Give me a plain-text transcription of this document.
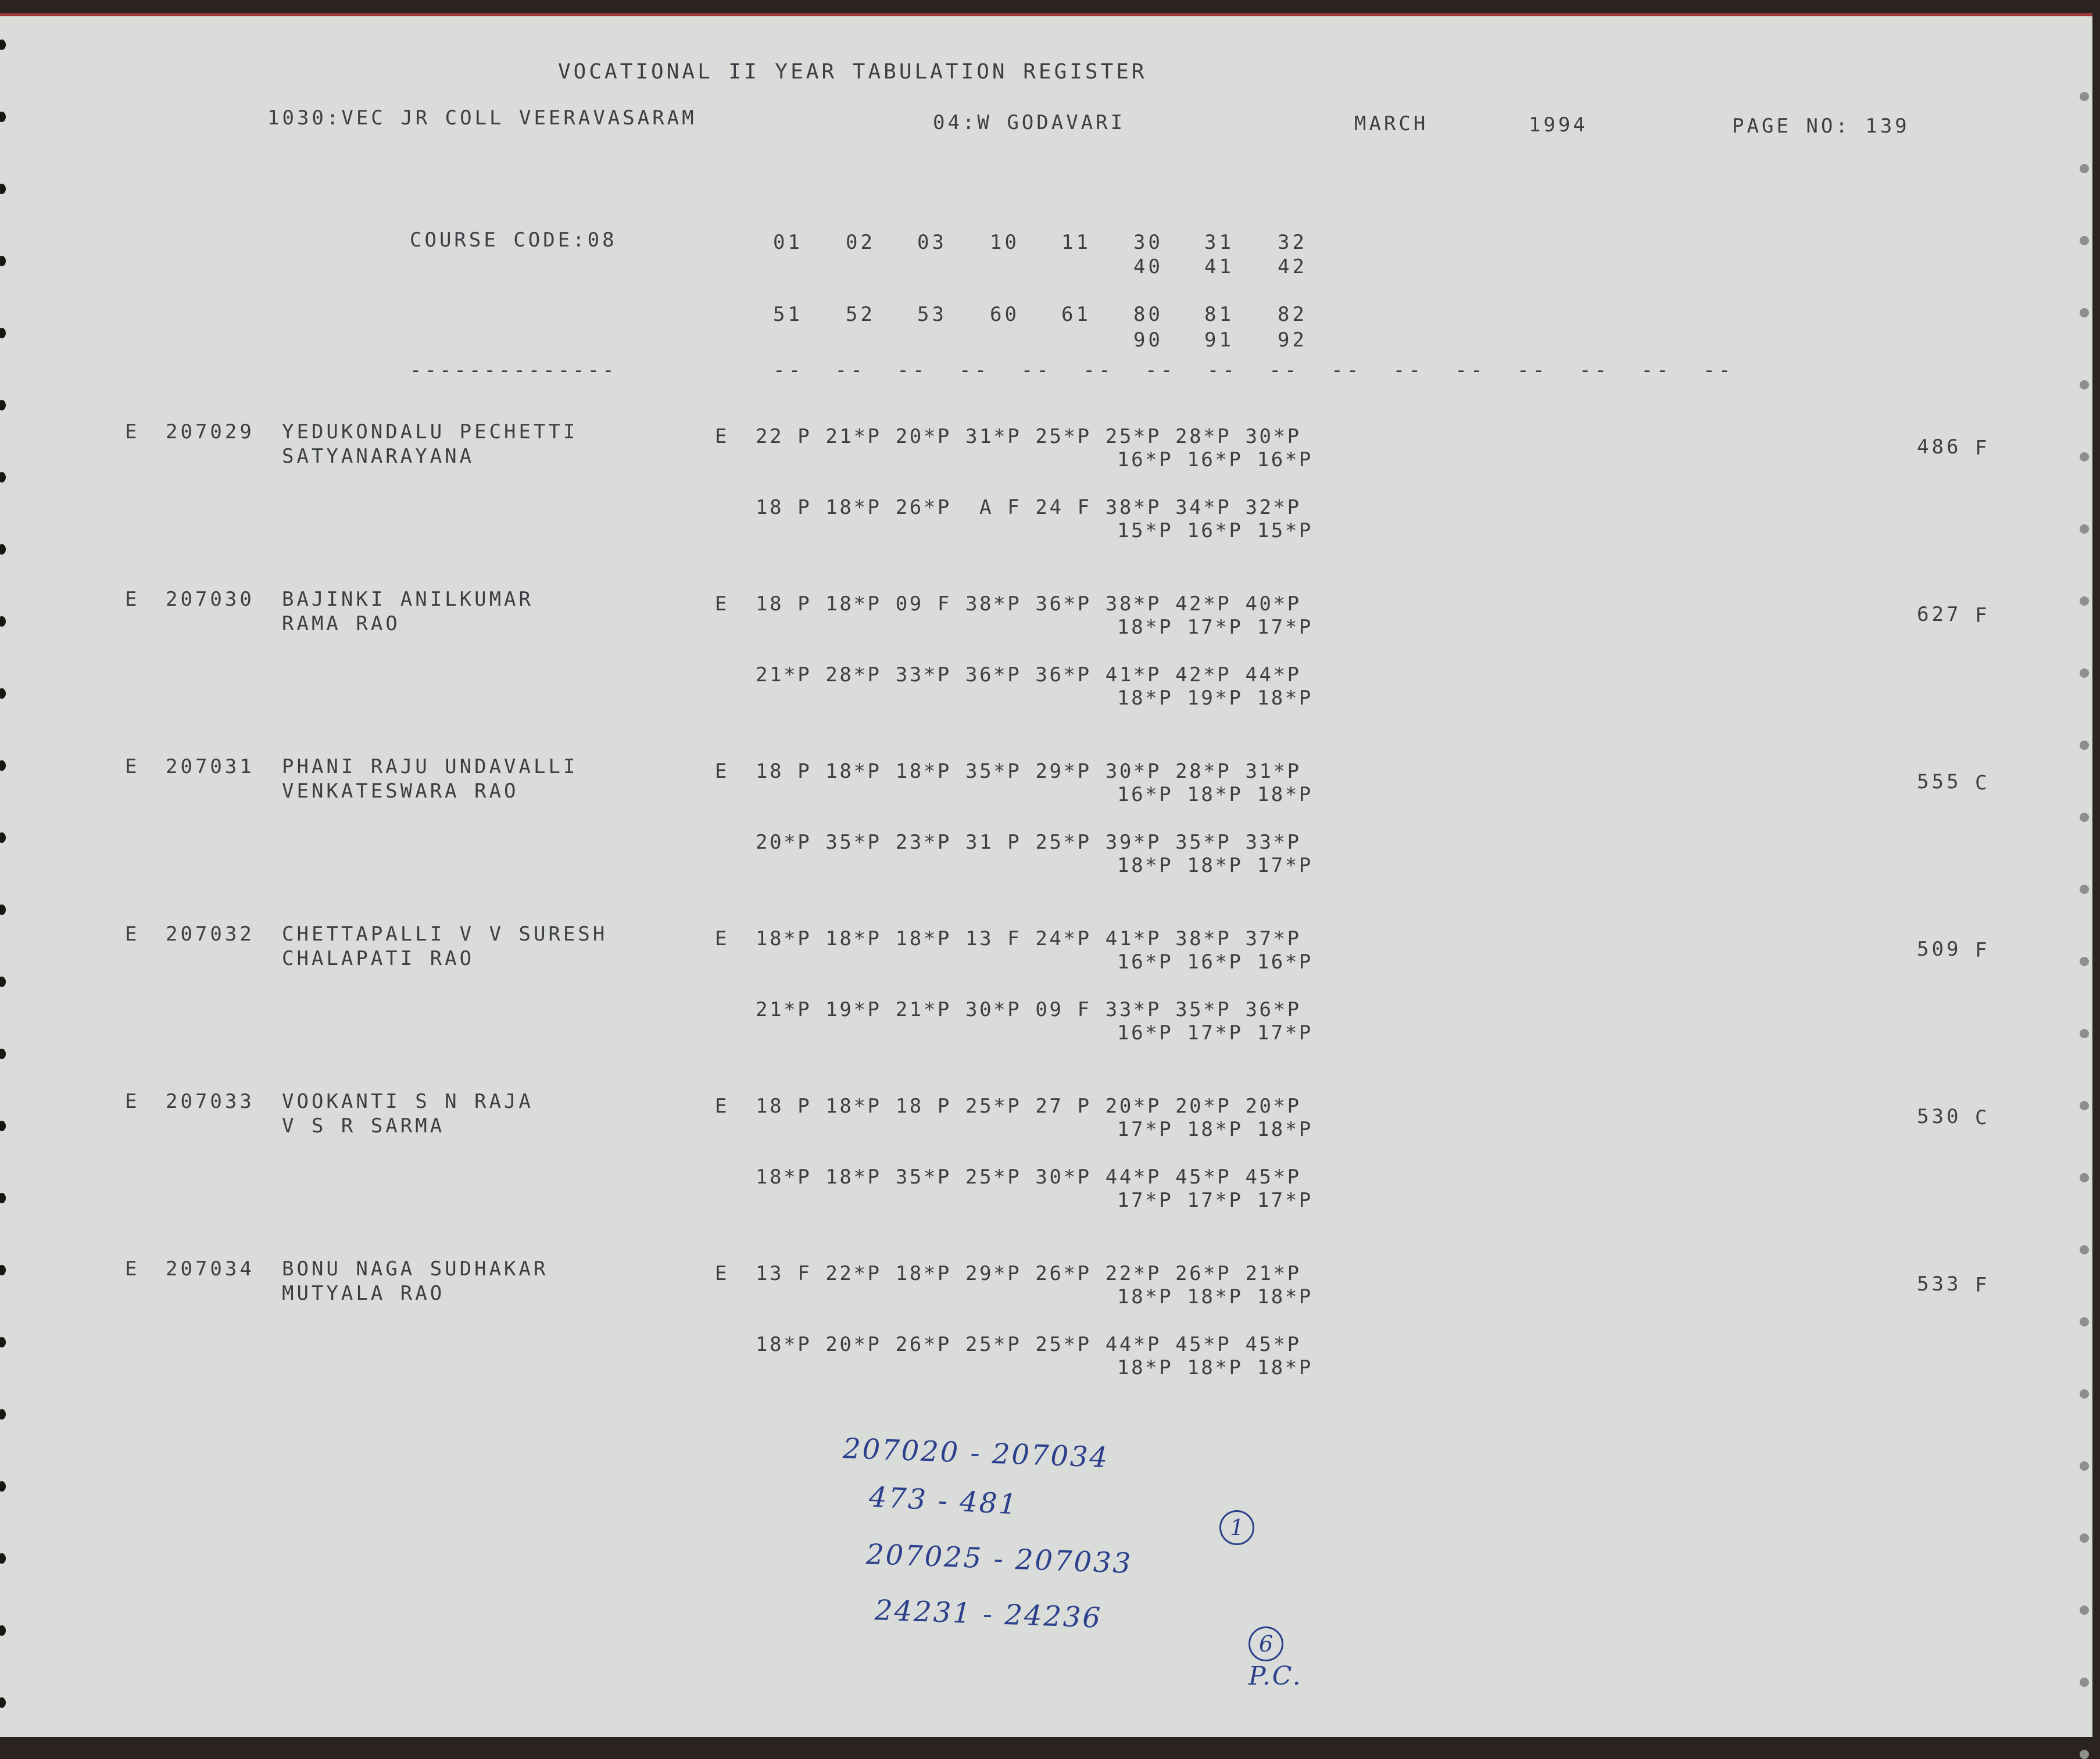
VOCATIONAL II YEAR TABULATION REGISTER
1030:VEC JR COLL VEERAVASARAM	04:W GODAVARI	MARCH	1994	PAGE NO: 139
COURSE CODE:08	01 02 03 10 11 30 31 32
40 41 42
51 52 53 60 61 80 81 82
90 91 92
--------------	--  --  --  --  --  --  --  --  --  --  --  --  --  --  --  --
E 207029 YEDUKONDALU PECHETTI
SATYANARAYANA
E 22 P 21*P 20*P 31*P 25*P 25*P 28*P 30*P
16*P 16*P 16*P
18 P 18*P 26*P  A F 24 F 38*P 34*P 32*P
15*P 16*P 15*P
486 F
E 207030 BAJINKI ANILKUMAR
RAMA RAO
E 18 P 18*P 09 F 38*P 36*P 38*P 42*P 40*P
18*P 17*P 17*P
21*P 28*P 33*P 36*P 36*P 41*P 42*P 44*P
18*P 19*P 18*P
627 F
E 207031 PHANI RAJU UNDAVALLI
VENKATESWARA RAO
E 18 P 18*P 18*P 35*P 29*P 30*P 28*P 31*P
16*P 18*P 18*P
20*P 35*P 23*P 31 P 25*P 39*P 35*P 33*P
18*P 18*P 17*P
555 C
E 207032 CHETTAPALLI V V SURESH
CHALAPATI RAO
E 18*P 18*P 18*P 13 F 24*P 41*P 38*P 37*P
16*P 16*P 16*P
21*P 19*P 21*P 30*P 09 F 33*P 35*P 36*P
16*P 17*P 17*P
509 F
E 207033 VOOKANTI S N RAJA
V S R SARMA
E 18 P 18*P 18 P 25*P 27 P 20*P 20*P 20*P
17*P 18*P 18*P
18*P 18*P 35*P 25*P 30*P 44*P 45*P 45*P
17*P 17*P 17*P
530 C
E 207034 BONU NAGA SUDHAKAR
MUTYALA RAO
E 13 F 22*P 18*P 29*P 26*P 22*P 26*P 21*P
18*P 18*P 18*P
18*P 20*P 26*P 25*P 25*P 44*P 45*P 45*P
18*P 18*P 18*P
533 F
207020 - 207034
473 - 481

1

207025 - 207033
24231 - 24236

6
P.C.
